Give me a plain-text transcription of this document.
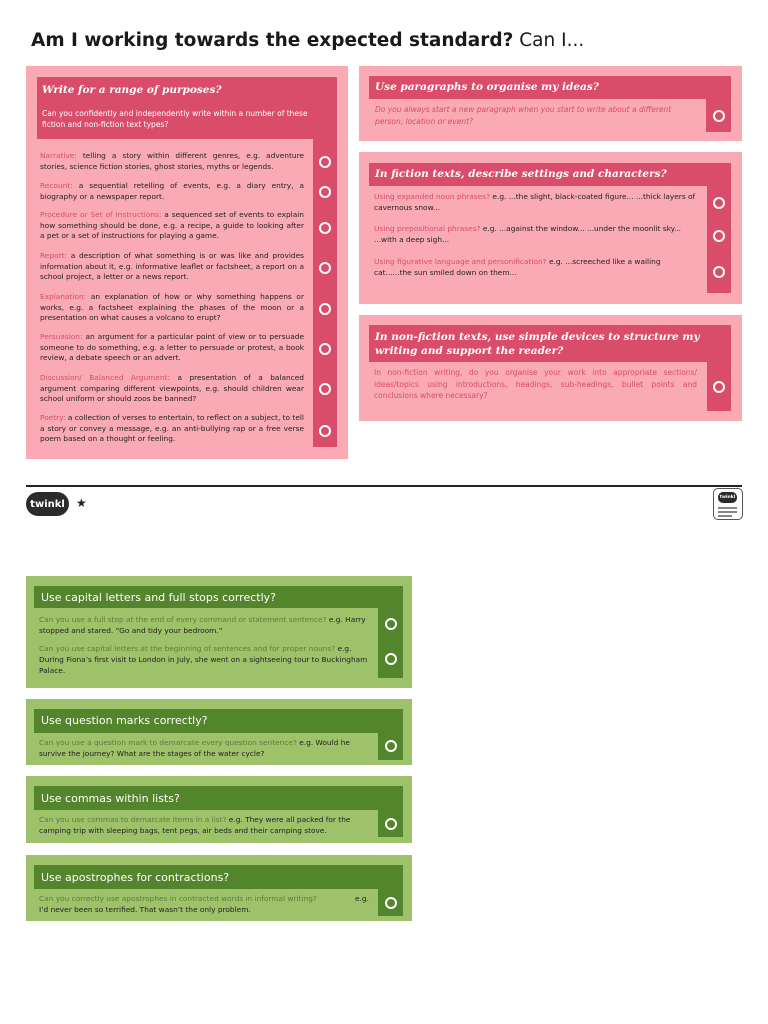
Am I working towards the expected standard? Can I...
Write for a range of purposes?
Can you confidently and independently write within a number of these fiction and non-fiction text types?
Narrative: telling a story within different genres, e.g. adventure stories, science fiction stories, ghost stories, myths or legends.
Recount: a sequential retelling of events, e.g. a diary entry, a biography or a newspaper report.
Procedure or Set of Instructions: a sequenced set of events to explain how something should be done, e.g. a recipe, a guide to looking after a pet or a set of instructions for playing a game.
Report: a description of what something is or was like and provides information about it, e.g. informative leaflet or factsheet, a report on a school project, a letter or a news report.
Explanation: an explanation of how or why something happens or works, e.g. a factsheet explaining the phases of the moon or a presentation on what causes a volcano to erupt?
Persuasion: an argument for a particular point of view or to persuade someone to do something, e.g. a letter to persuade or protest, a book review, a debate speech or an advert.
Discussion/ Balanced Argument: a presentation of a balanced argument comparing different viewpoints, e.g. should children wear school uniform or should zoos be banned?
Poetry: a collection of verses to entertain, to reflect on a subject, to tell a story or convey a message, e.g. an anti-bullying rap or a free verse poem based on a thought or feeling.
Use paragraphs to organise my ideas?
Do you always start a new paragraph when you start to write about a different person, location or event?
In fiction texts, describe settings and characters?
Using expanded noun phrases? e.g. ...the slight, black-coated figure... ...thick layers of cavernous snow...
Using prepositional phrases? e.g. ...against the window... ...under the moonlit sky... ...with a deep sigh...
Using figurative language and personification? e.g. ...screeched like a wailing cat......the sun smiled down on them...
In non-fiction texts, use simple devices to structure my writing and support the reader?
In non-fiction writing, do you organise your work into appropriate sections/ ideas/topics using introductions, headings, sub-headings, bullet points and conclusions where necessary?
twinkl ★	twinkl
Use capital letters and full stops correctly?
Can you use a full stop at the end of every command or statement sentence? e.g. Harry stopped and stared. “Go and tidy your bedroom.”
Can you use capital letters at the beginning of sentences and for proper nouns? e.g. During Fiona’s first visit to London in July, she went on a sightseeing tour to Buckingham Palace.
Use question marks correctly?
Can you use a question mark to demarcate every question sentence? e.g. Would he survive the journey? What are the stages of the water cycle?
Use commas within lists?
Can you use commas to demarcate items in a list? e.g. They were all packed for the camping trip with sleeping bags, tent pegs, air beds and their camping stove.
Use apostrophes for contractions?
Can you correctly use apostrophes in contracted words in informal writing?	e.g.
I’d never been so terrified. That wasn’t the only problem.
